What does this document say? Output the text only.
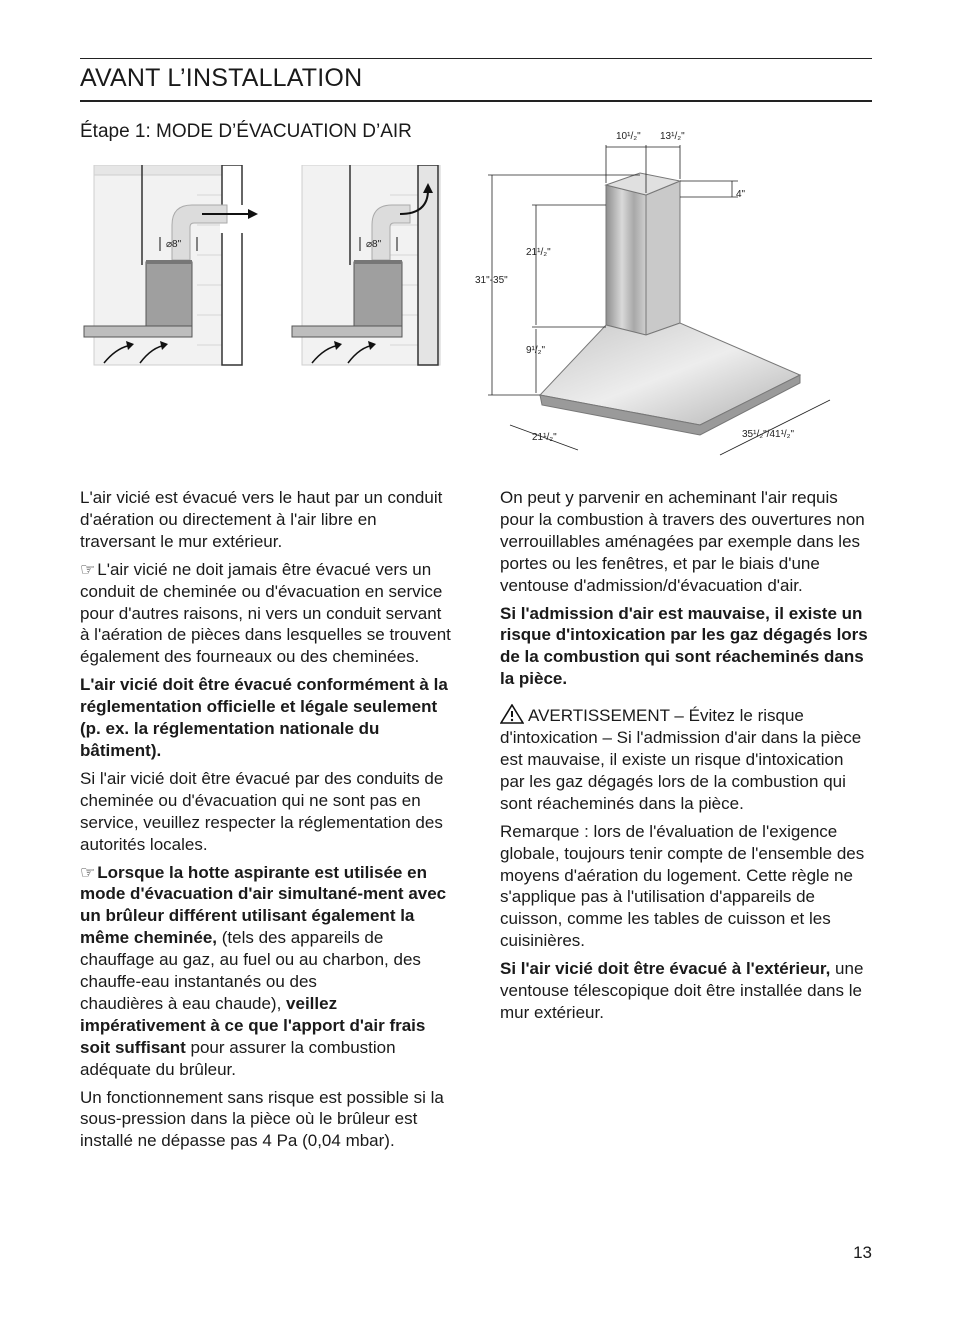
AVANT L’INSTALLATION
Étape 1: MODE D’ÉVACUATION D’AIR
⌀8"	⌀8"
10¹/₂" 13¹/₂"
4"
21¹/₂"
31"-35"
9¹/₂"
21¹/₂"	35¹/₂"/41¹/₂"

L'air vicié est évacué vers le haut par un conduit d'aération ou directement à l'air libre en traversant le mur extérieur.

☞ L'air vicié ne doit jamais être évacué vers un conduit de cheminée ou d'évacuation en service pour d'autres raisons, ni vers un conduit servant à l'aération de pièces dans lesquelles se trouvent également des fourneaux ou des cheminées.

L'air vicié doit être évacué conformément à la réglementation officielle et légale seulement (p. ex. la réglementation nationale du bâtiment).

Si l'air vicié doit être évacué par des conduits de cheminée ou d'évacuation qui ne sont pas en service, veuillez respecter la réglementation des autorités locales.

☞ Lorsque la hotte aspirante est utilisée en mode d'évacuation d'air simultané-ment avec un brûleur différent utilisant également la même cheminée, (tels des appareils de chauffage au gaz, au fuel ou au charbon, des chauffe-eau instantanés ou des
chaudières à eau chaude), veillez impérativement à ce que l'apport d'air frais soit suffisant pour assurer la combustion adéquate du brûleur.

Un fonctionnement sans risque est possible si la sous-pression dans la pièce où le brûleur est installé ne dépasse pas 4 Pa (0,04 mbar).

On peut y parvenir en acheminant l'air requis pour la combustion à travers des ouvertures non verrouillables aménagées par exemple dans les portes ou les fenêtres, et par le biais d'une ventouse d'admission/d'évacuation d'air.

Si l'admission d'air est mauvaise, il existe un risque d'intoxication par les gaz dégagés lors de la combustion qui sont réacheminés dans la pièce.

AVERTISSEMENT – Évitez le risque d'intoxication – Si l'admission d'air dans la pièce est mauvaise, il existe un risque d'intoxication par les gaz dégagés lors de la combustion qui sont réacheminés dans la pièce.

Remarque : lors de l'évaluation de l'exigence globale, toujours tenir compte de l'ensemble des moyens d'aération du logement. Cette règle ne s'applique pas à l'utilisation d'appareils de cuisson, comme les tables de cuisson et les cuisinières.

Si l'air vicié doit être évacué à l'extérieur, une ventouse télescopique doit être installée dans le mur extérieur.

13
